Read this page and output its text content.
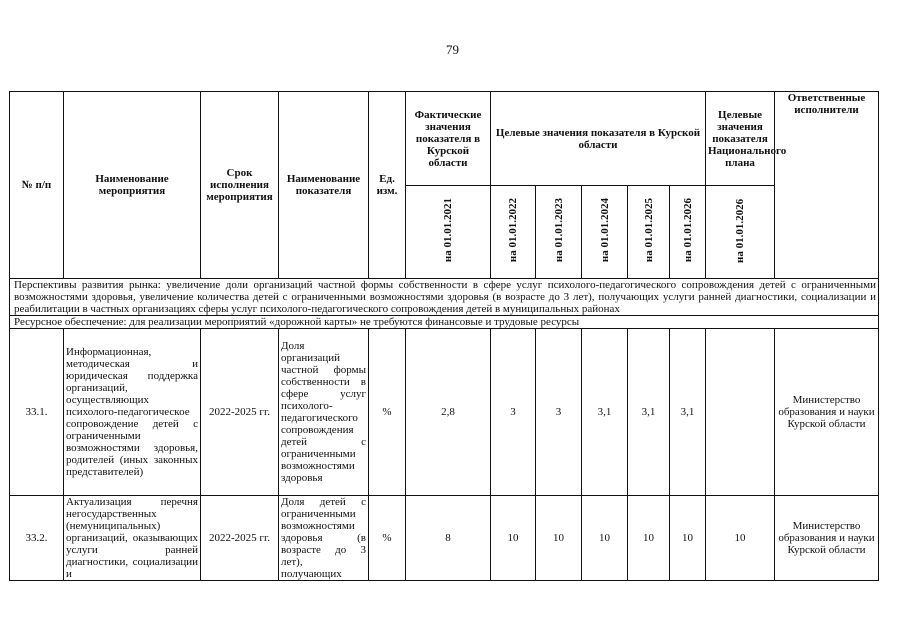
79
№ п/п	Наименование мероприятия	Срок исполнения мероприятия	Наименование показателя	Ед. изм.	Фактические значения показателя в Курской области	Целевые значения показателя в Курской области					Целевые значения показателя Национального плана	Ответственные исполнители
					на 01.01.2021	на 01.01.2022	на 01.01.2023	на 01.01.2024	на 01.01.2025	на 01.01.2026	на 01.01.2026	
Перспективы развития рынка: увеличение доли организаций частной формы собственности в сфере услуг психолого-педагогического сопровождения детей с ограниченными возможностями здоровья, увеличение количества детей с ограниченными возможностями здоровья (в возрасте до 3 лет), получающих услуги ранней диагностики, социализации и реабилитации в частных организациях сферы услуг психолого-педагогического сопровождения детей в муниципальных районах												
Ресурсное обеспечение: для реализации мероприятий «дорожной карты» не требуются финансовые и трудовые ресурсы												
33.1.	Информационная, методическая и юридическая поддержка организаций, осуществляющих психолого-педагогическое сопровождение детей с ограниченными возможностями здоровья, родителей (иных законных представителей)	2022-2025 гг.	Доля организаций частной формы собственности в сфере услуг психолого-педагогического сопровождения детей с ограниченными возможностями здоровья	%	2,8	3	3	3,1	3,1	3,1		Министерство образования и науки Курской области
33.2.	Актуализация перечня негосударственных (немуниципальных) организаций, оказывающих услуги ранней диагностики, социализации и	2022-2025 гг.	Доля детей с ограниченными возможностями здоровья (в возрасте до 3 лет), получающих	%	8	10	10	10	10	10	10	Министерство образования и науки Курской области
